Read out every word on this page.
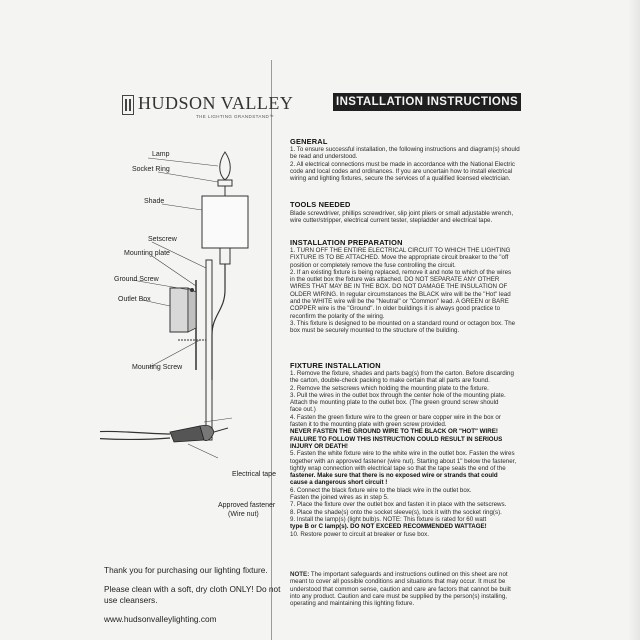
HUDSON VALLEY
THE LIGHTING GRANDSTAND™
Lamp
Socket Ring
Shade
Setscrew
Mounting plate
Ground Screw
Outlet Box
Mounting Screw
Electrical tape
Approved fastener
(Wire nut)
Thank you for purchasing our lighting fixture.
Please clean with a soft, dry cloth ONLY! Do not
use cleansers.
www.hudsonvalleylighting.com
INSTALLATION INSTRUCTIONS
GENERAL
1. To ensure successful installation, the following instructions and diagram(s) should
be read and understood.
2. All electrical connections must be made in accordance with the National Electric
code and local codes and ordinances. If you are uncertain how to install electrical
wiring and lighting fixtures, secure the services of a qualified licensed electrician.
TOOLS NEEDED
Blade screwdriver, phillips screwdriver, slip joint pliers or small adjustable wrench,
wire cutter/stripper, electrical current tester, stepladder and electrical tape.
INSTALLATION PREPARATION
1. TURN OFF THE ENTIRE ELECTRICAL CIRCUIT TO WHICH THE LIGHTING
FIXTURE IS TO BE ATTACHED. Move the appropriate circuit breaker to the "off
position or completely remove the fuse controlling the circuit.
2. If an existing fixture is being replaced, remove it and note to which of the wires
in the outlet box the fixture was attached. DO NOT SEPARATE ANY OTHER
WIRES THAT MAY BE IN THE BOX. DO NOT DAMAGE THE INSULATION OF
OLDER WIRING. In regular circumstances the BLACK wire will be the "Hot" lead
and the WHITE wire will be the "Neutral" or "Common" lead. A GREEN or BARE
COPPER wire is the "Ground". In older buildings it is always good practice to
reconfirm the polarity of the wiring.
3. This fixture is designed to be mounted on a standard round or octagon box. The
box must be securely mounted to the structure of the building.
FIXTURE INSTALLATION
1. Remove the fixture, shades and parts bag(s) from the carton. Before discarding
the carton, double-check packing to make certain that all parts are found.
2. Remove the setscrews which holding the mounting plate to the fixture.
3. Pull the wires in the outlet box through the center hole of the mounting plate.
Attach the mounting plate to the outlet box. (The green ground screw should
face out.)
4. Fasten the green fixture wire to the green or bare copper wire in the box or
fasten it to the mounting plate with green screw provided.
NEVER FASTEN THE GROUND WIRE TO THE BLACK OR "HOT" WIRE!
FAILURE TO FOLLOW THIS INSTRUCTION COULD RESULT IN SERIOUS
INJURY OR DEATH!
5. Fasten the white fixture wire to the white wire in the outlet box. Fasten the wires
together with an approved fastener (wire nut). Starting about 1" below the fastener,
tightly wrap connection with electrical tape so that the tape seals the end of the
fastener. Make sure that there is no exposed wire or strands that could
cause a dangerous short circuit !
6. Connect the black fixture wire to the black wire in the outlet box.
Fasten the joined wires as in step 5.
7. Place the fixture over the outlet box and fasten it in place with the setscrews.
8. Place the shade(s) onto the socket sleeve(s), lock it with the socket ring(s).
9. Install the lamp(s) (light bulb)s. NOTE: This fixture is rated for 60 watt
type B or C lamp(s). DO NOT EXCEED RECOMMENDED WATTAGE!
10. Restore power to circuit at breaker or fuse box.
NOTE: The important safeguards and instructions outlined on this sheet are not
meant to cover all possible conditions and situations that may occur. It must be
understood that common sense, caution and care are factors that cannot be built
into any product. Caution and care must be supplied by the person(s) installing,
operating and maintaining this lighting fixture.
